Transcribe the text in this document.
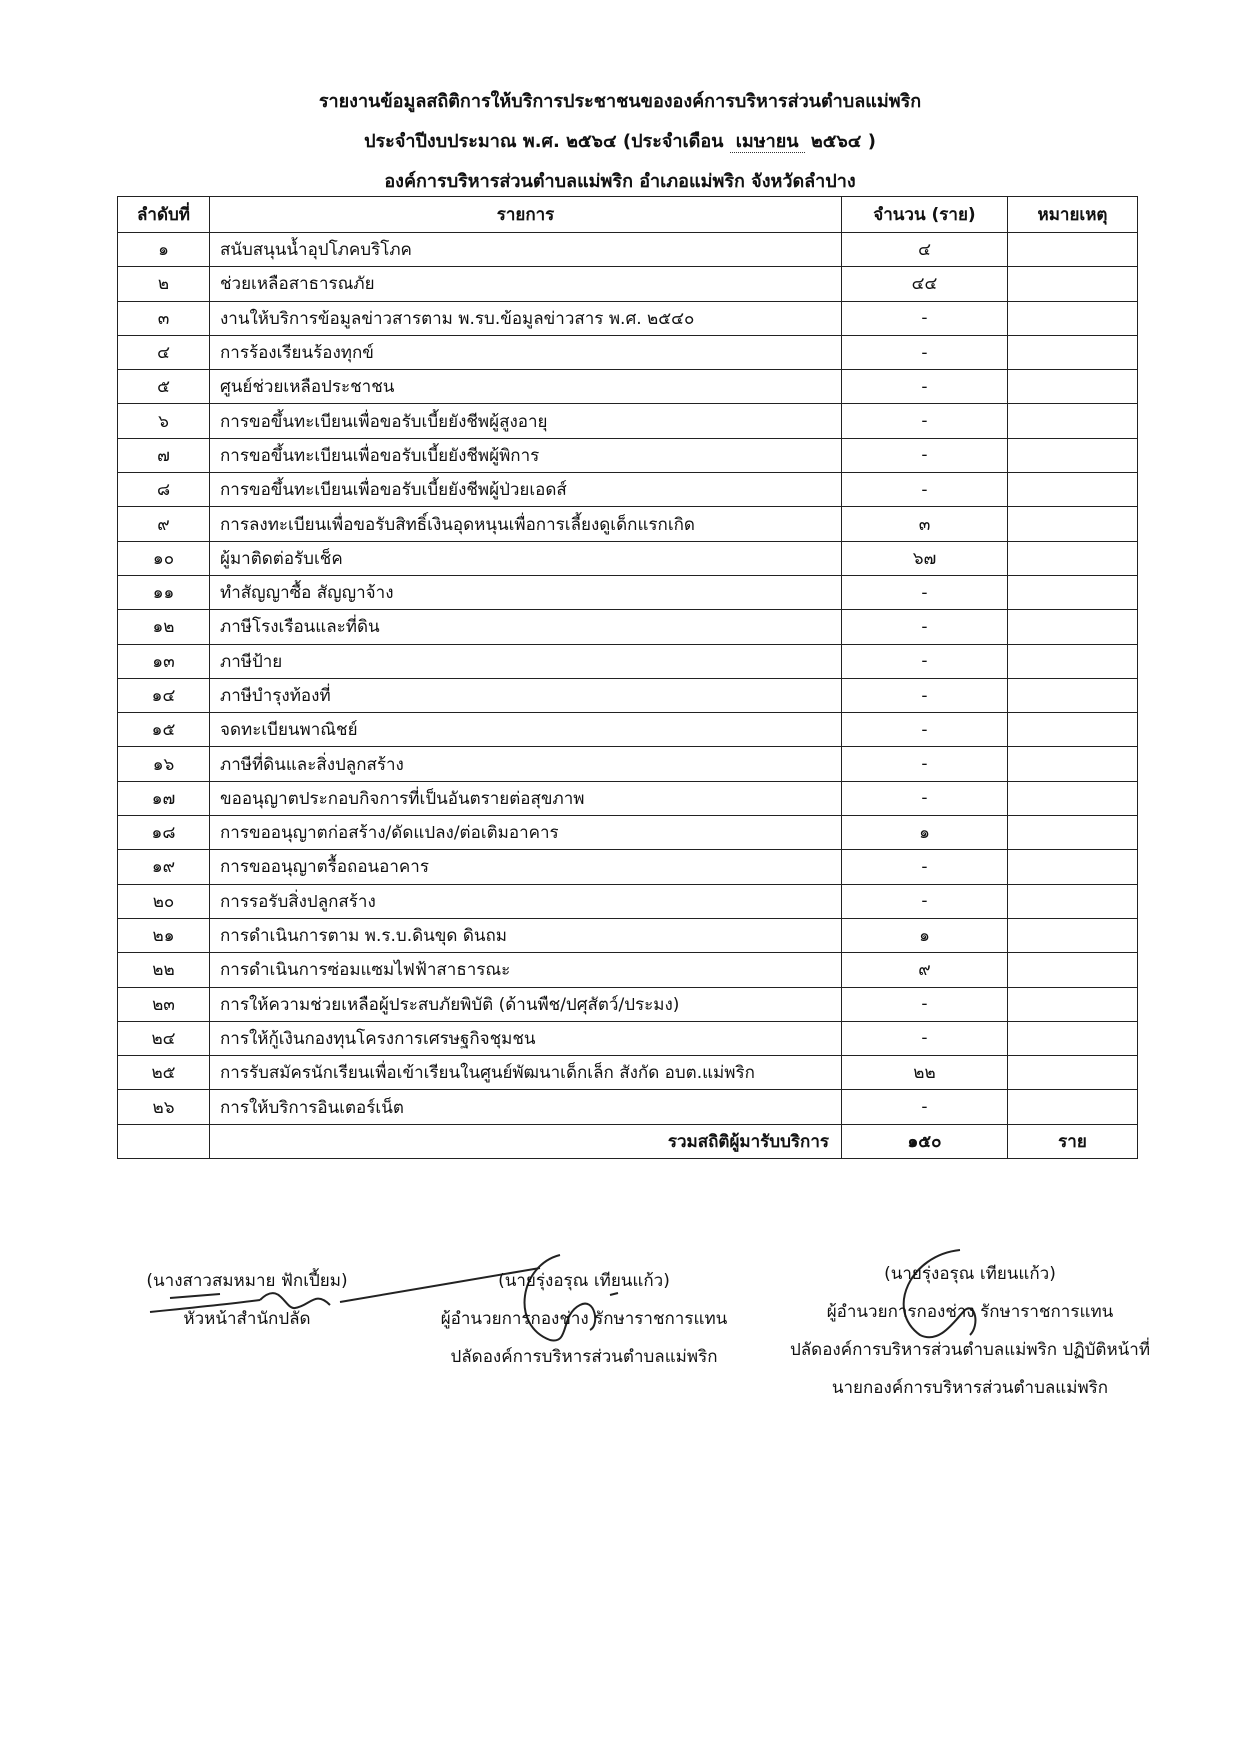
รายงานข้อมูลสถิติการให้บริการประชาชนขององค์การบริหารส่วนตำบลแม่พริก
ประจำปีงบประมาณ พ.ศ. ๒๕๖๔ (ประจำเดือน เมษายน ๒๕๖๔ )
องค์การบริหารส่วนตำบลแม่พริก อำเภอแม่พริก จังหวัดลำปาง
ลำดับที่	รายการ	จำนวน (ราย)	หมายเหตุ
๑	สนับสนุนน้ำอุปโภคบริโภค	๔	
๒	ช่วยเหลือสาธารณภัย	๔๔	
๓	งานให้บริการข้อมูลข่าวสารตาม พ.รบ.ข้อมูลข่าวสาร พ.ศ. ๒๕๔๐	-	
๔	การร้องเรียนร้องทุกข์	-	
๕	ศูนย์ช่วยเหลือประชาชน	-	
๖	การขอขึ้นทะเบียนเพื่อขอรับเบี้ยยังชีพผู้สูงอายุ	-	
๗	การขอขึ้นทะเบียนเพื่อขอรับเบี้ยยังชีพผู้พิการ	-	
๘	การขอขึ้นทะเบียนเพื่อขอรับเบี้ยยังชีพผู้ป่วยเอดส์	-	
๙	การลงทะเบียนเพื่อขอรับสิทธิ์เงินอุดหนุนเพื่อการเลี้ยงดูเด็กแรกเกิด	๓	
๑๐	ผู้มาติดต่อรับเช็ค	๖๗	
๑๑	ทำสัญญาซื้อ สัญญาจ้าง	-	
๑๒	ภาษีโรงเรือนและที่ดิน	-	
๑๓	ภาษีป้าย	-	
๑๔	ภาษีบำรุงท้องที่	-	
๑๕	จดทะเบียนพาณิชย์	-	
๑๖	ภาษีที่ดินและสิ่งปลูกสร้าง	-	
๑๗	ขออนุญาตประกอบกิจการที่เป็นอันตรายต่อสุขภาพ	-	
๑๘	การขออนุญาตก่อสร้าง/ดัดแปลง/ต่อเติมอาคาร	๑	
๑๙	การขออนุญาตรื้อถอนอาคาร	-	
๒๐	การรอรับสิ่งปลูกสร้าง	-	
๒๑	การดำเนินการตาม พ.ร.บ.ดินขุด ดินถม	๑	
๒๒	การดำเนินการซ่อมแซมไฟฟ้าสาธารณะ	๙	
๒๓	การให้ความช่วยเหลือผู้ประสบภัยพิบัติ (ด้านพืช/ปศุสัตว์/ประมง)	-	
๒๔	การให้กู้เงินกองทุนโครงการเศรษฐกิจชุมชน	-	
๒๕	การรับสมัครนักเรียนเพื่อเข้าเรียนในศูนย์พัฒนาเด็กเล็ก สังกัด อบต.แม่พริก	๒๒	
๒๖	การให้บริการอินเตอร์เน็ต	-	
	รวมสถิติผู้มารับบริการ	๑๕๐	ราย
(นางสาวสมหมาย ฟักเปี้ยม)
หัวหน้าสำนักปลัด
(นายรุ่งอรุณ เทียนแก้ว)
ผู้อำนวยการกองช่าง รักษาราชการแทน
ปลัดองค์การบริหารส่วนตำบลแม่พริก
(นายรุ่งอรุณ เทียนแก้ว)
ผู้อำนวยการกองช่าง รักษาราชการแทน
ปลัดองค์การบริหารส่วนตำบลแม่พริก ปฏิบัติหน้าที่
นายกองค์การบริหารส่วนตำบลแม่พริก
